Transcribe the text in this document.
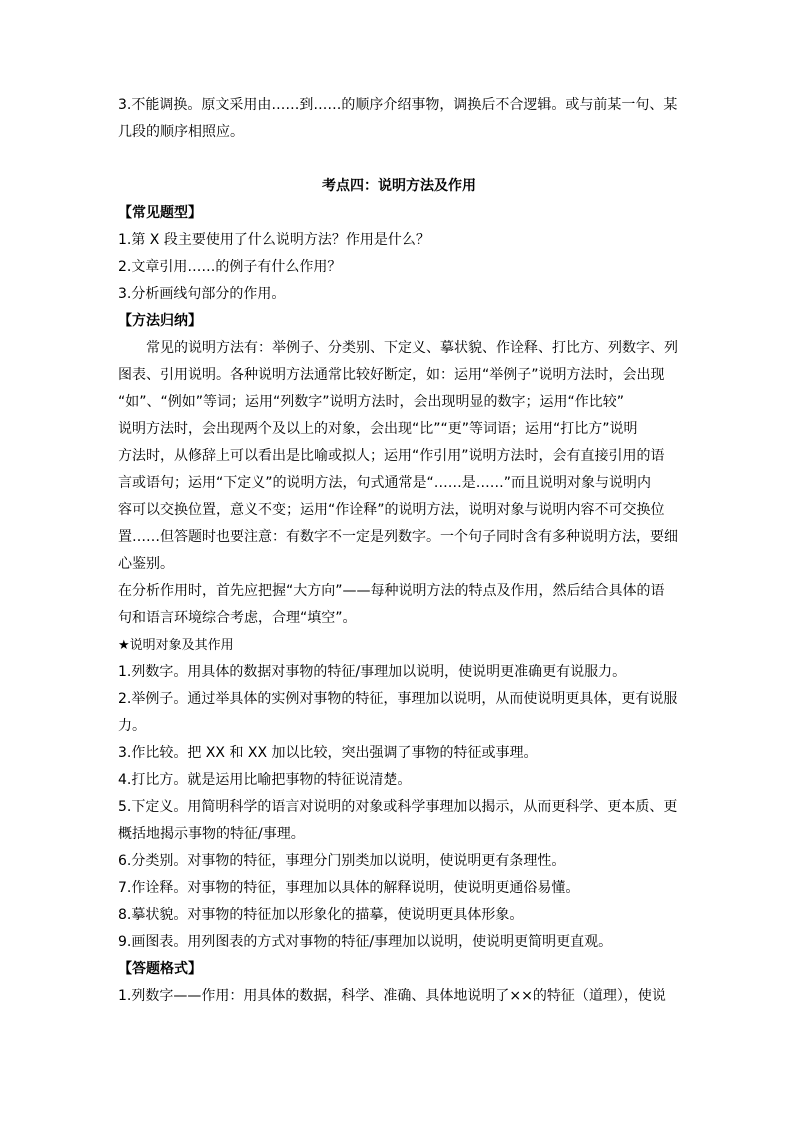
3.不能调换。原文采用由……到……的顺序介绍事物，调换后不合逻辑。或与前某一句、某
几段的顺序相照应。
考点四：说明方法及作用
【常见题型】
1.第 X 段主要使用了什么说明方法？作用是什么？
2.文章引用……的例子有什么作用？
3.分析画线句部分的作用。
【方法归纳】
常见的说明方法有：举例子、分类别、下定义、摹状貌、作诠释、打比方、列数字、列
图表、引用说明。各种说明方法通常比较好断定，如：运用“举例子”说明方法时，会出现
“如”、“例如”等词；运用“列数字”说明方法时，会出现明显的数字；运用“作比较”
说明方法时，会出现两个及以上的对象，会出现“比”“更”等词语；运用“打比方”说明
方法时，从修辞上可以看出是比喻或拟人；运用“作引用”说明方法时，会有直接引用的语
言或语句；运用“下定义”的说明方法，句式通常是“……是……”而且说明对象与说明内
容可以交换位置，意义不变；运用“作诠释”的说明方法，说明对象与说明内容不可交换位
置……但答题时也要注意：有数字不一定是列数字。一个句子同时含有多种说明方法，要细
心鉴别。
在分析作用时，首先应把握“大方向”——每种说明方法的特点及作用，然后结合具体的语
句和语言环境综合考虑，合理“填空”。
★说明对象及其作用
1.列数字。用具体的数据对事物的特征/事理加以说明，使说明更准确更有说服力。
2.举例子。通过举具体的实例对事物的特征，事理加以说明，从而使说明更具体，更有说服
力。
3.作比较。把 XX 和 XX 加以比较，突出强调了事物的特征或事理。
4.打比方。就是运用比喻把事物的特征说清楚。
5.下定义。用简明科学的语言对说明的对象或科学事理加以揭示，从而更科学、更本质、更
概括地揭示事物的特征/事理。
6.分类别。对事物的特征，事理分门别类加以说明，使说明更有条理性。
7.作诠释。对事物的特征，事理加以具体的解释说明，使说明更通俗易懂。
8.摹状貌。对事物的特征加以形象化的描摹，使说明更具体形象。
9.画图表。用列图表的方式对事物的特征/事理加以说明，使说明更简明更直观。
【答题格式】
1.列数字——作用：用具体的数据，科学、准确、具体地说明了××的特征（道理），使说
